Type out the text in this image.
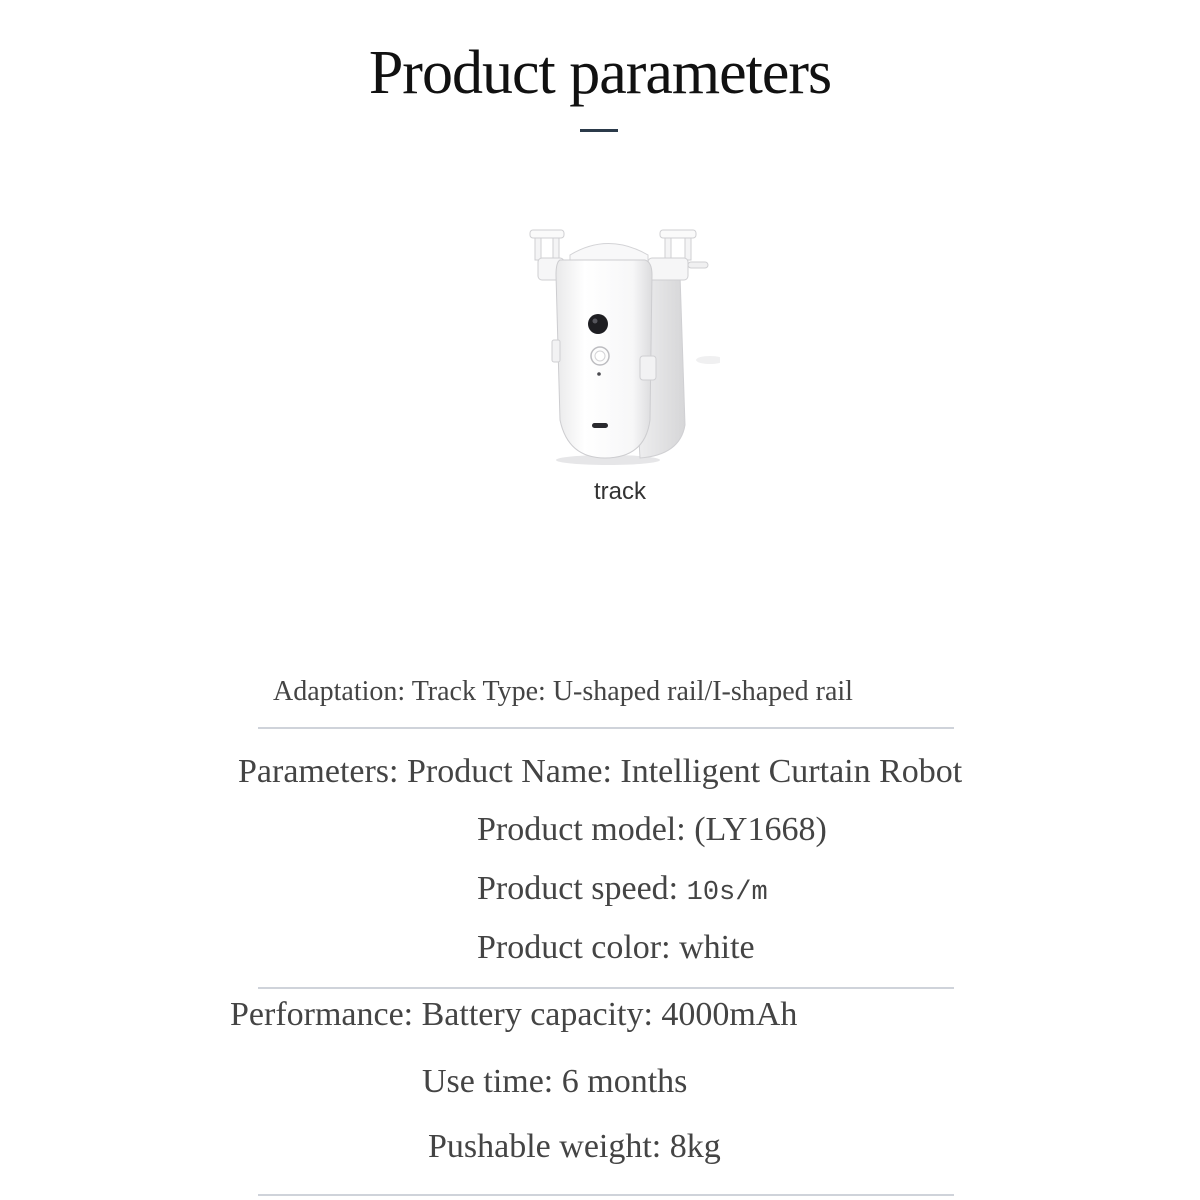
Product parameters
track
Adaptation: Track Type: U-shaped rail/I-shaped rail
Parameters: Product Name: Intelligent Curtain Robot
Product model: (LY1668)
Product speed: 10s/m
Product color: white
Performance: Battery capacity: 4000mAh
Use time: 6 months
Pushable weight: 8kg
